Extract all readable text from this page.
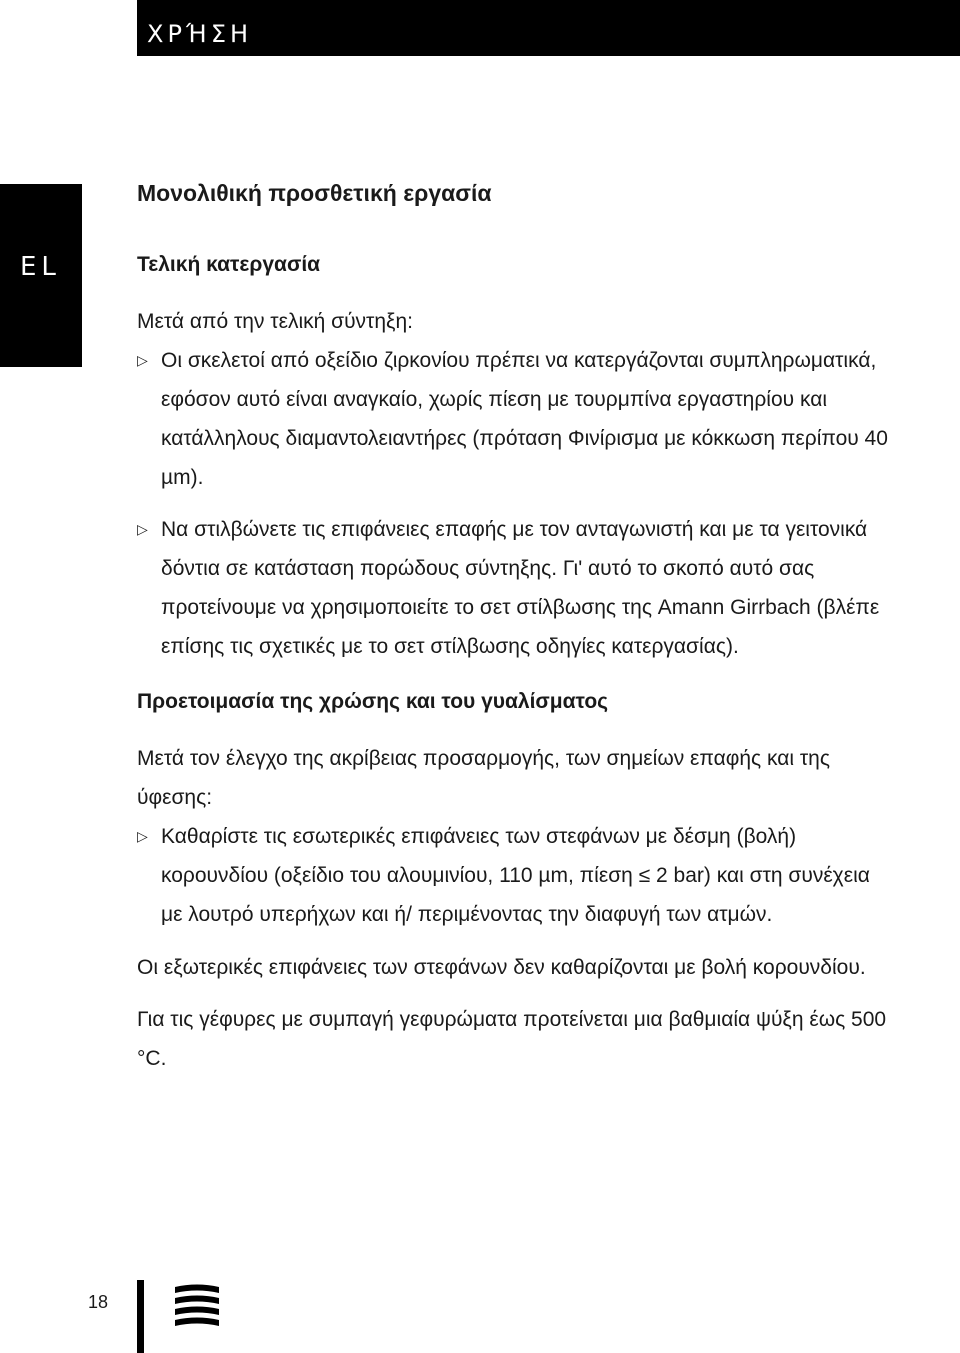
ΧΡΉΣΗ
EL
Μονολιθική προσθετική εργασία
Τελική κατεργασία

Μετά από την τελική σύντηξη:

▷ Οι σκελετοί από οξείδιο ζιρκονίου πρέπει να κατεργάζονται συμπληρωματικά, εφόσον αυτό είναι αναγκαίο, χωρίς πίεση με τουρμπίνα εργαστηρίου και κατάλληλους διαμαντολειαντήρες (πρόταση Φινίρισμα με κόκκωση περίπου 40 µm).
▷ Να στιλβώνετε τις επιφάνειες επαφής με τον ανταγωνιστή και με τα γειτονικά δόντια σε κατάσταση πορώδους σύντηξης. Γι' αυτό το σκοπό αυτό σας προτείνουμε να χρησιμοποιείτε το σετ στίλβωσης της Amann Girrbach (βλέπε επίσης τις σχετικές με το σετ στίλβωσης οδηγίες κατεργασίας).
Προετοιμασία της χρώσης και του γυαλίσματος

Μετά τον έλεγχο της ακρίβειας προσαρμογής, των σημείων επαφής και της ύφεσης:

▷ Καθαρίστε τις εσωτερικές επιφάνειες των στεφάνων με δέσμη (βολή) κορουνδίου (οξείδιο του αλουμινίου, 110 µm, πίεση ≤ 2 bar) και στη συνέχεια με λουτρό υπερήχων και ή/ περιμένοντας την διαφυγή των ατμών.

Οι εξωτερικές επιφάνειες των στεφάνων δεν καθαρίζονται με βολή κορουνδίου.

Για τις γέφυρες με συμπαγή γεφυρώματα προτείνεται μια βαθμιαία ψύξη έως 500 °C.

18
